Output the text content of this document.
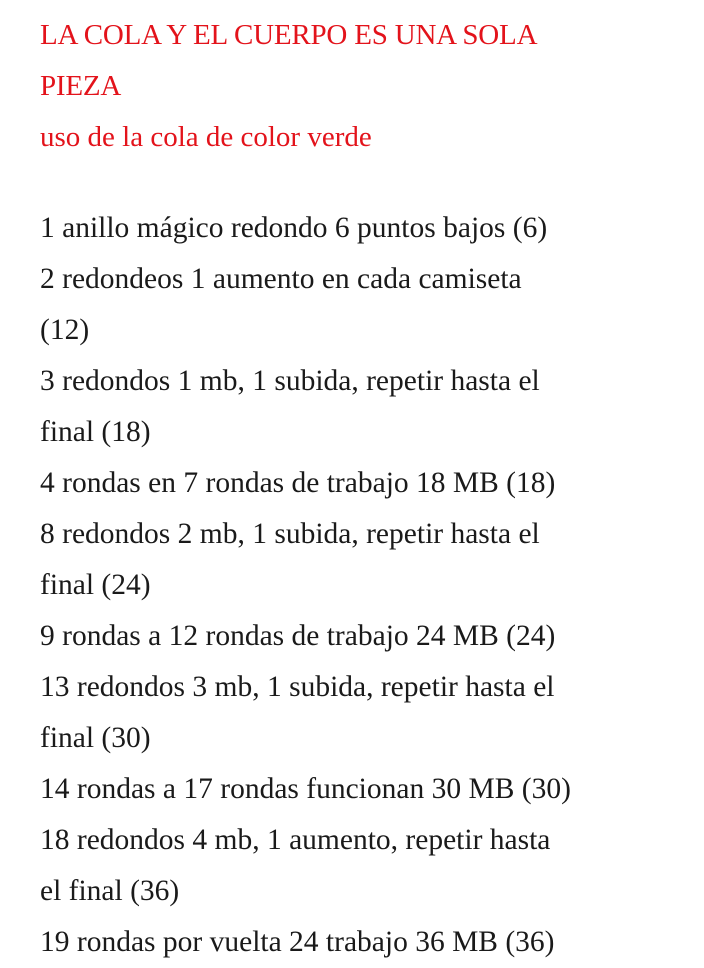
LA COLA Y EL CUERPO ES UNA SOLA
PIEZA
uso de la cola de color verde
1 anillo mágico redondo 6 puntos bajos (6)
2 redondeos 1 aumento en cada camiseta
(12)
3 redondos 1 mb, 1 subida, repetir hasta el
final (18)
4 rondas en 7 rondas de trabajo 18 MB (18)
8 redondos 2 mb, 1 subida, repetir hasta el
final (24)
9 rondas a 12 rondas de trabajo 24 MB (24)
13 redondos 3 mb, 1 subida, repetir hasta el
final (30)
14 rondas a 17 rondas funcionan 30 MB (30)
18 redondos 4 mb, 1 aumento, repetir hasta
el final (36)
19 rondas por vuelta 24 trabajo 36 MB (36)
